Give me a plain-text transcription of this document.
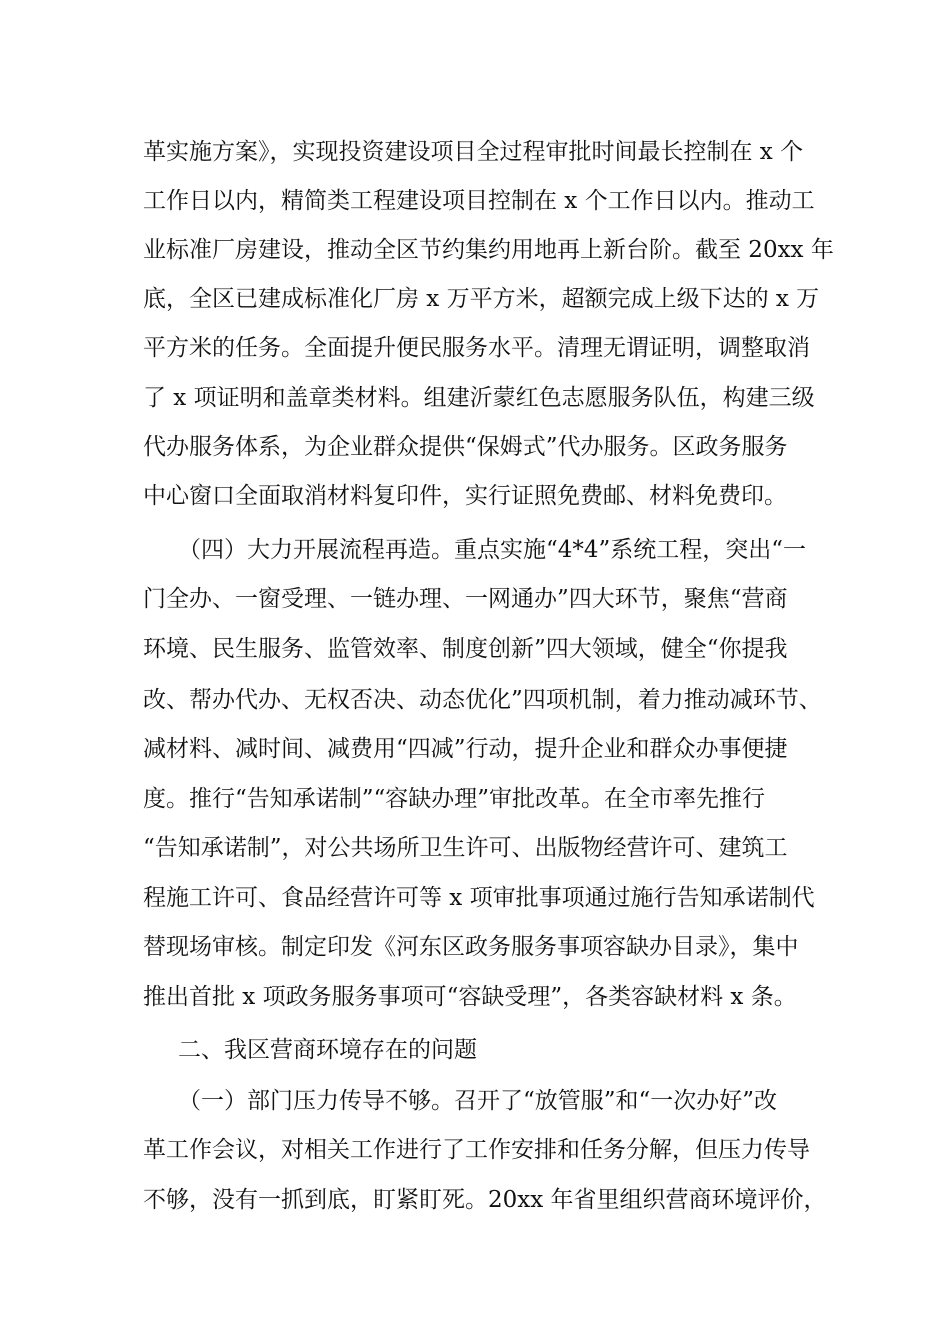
革实施方案》，实现投资建设项目全过程审批时间最长控制在 x 个
工作日以内，精简类工程建设项目控制在 x 个工作日以内。推动工
业标准厂房建设，推动全区节约集约用地再上新台阶。截至 20xx 年
底，全区已建成标准化厂房 x 万平方米，超额完成上级下达的 x 万
平方米的任务。全面提升便民服务水平。清理无谓证明，调整取消
了 x 项证明和盖章类材料。组建沂蒙红色志愿服务队伍，构建三级
代办服务体系，为企业群众提供“保姆式”代办服务。区政务服务
中心窗口全面取消材料复印件，实行证照免费邮、材料免费印。
（四）大力开展流程再造。重点实施“4*4”系统工程，突出“一
门全办、一窗受理、一链办理、一网通办”四大环节，聚焦“营商
环境、民生服务、监管效率、制度创新”四大领域，健全“你提我
改、帮办代办、无权否决、动态优化”四项机制，着力推动减环节、
减材料、减时间、减费用“四减”行动，提升企业和群众办事便捷
度。推行“告知承诺制”“容缺办理”审批改革。在全市率先推行
“告知承诺制”，对公共场所卫生许可、出版物经营许可、建筑工
程施工许可、食品经营许可等 x 项审批事项通过施行告知承诺制代
替现场审核。制定印发《河东区政务服务事项容缺办目录》，集中
推出首批 x 项政务服务事项可“容缺受理”，各类容缺材料 x 条。
二、我区营商环境存在的问题
（一）部门压力传导不够。召开了“放管服”和“一次办好”改
革工作会议，对相关工作进行了工作安排和任务分解，但压力传导
不够，没有一抓到底，盯紧盯死。20xx 年省里组织营商环境评价，
